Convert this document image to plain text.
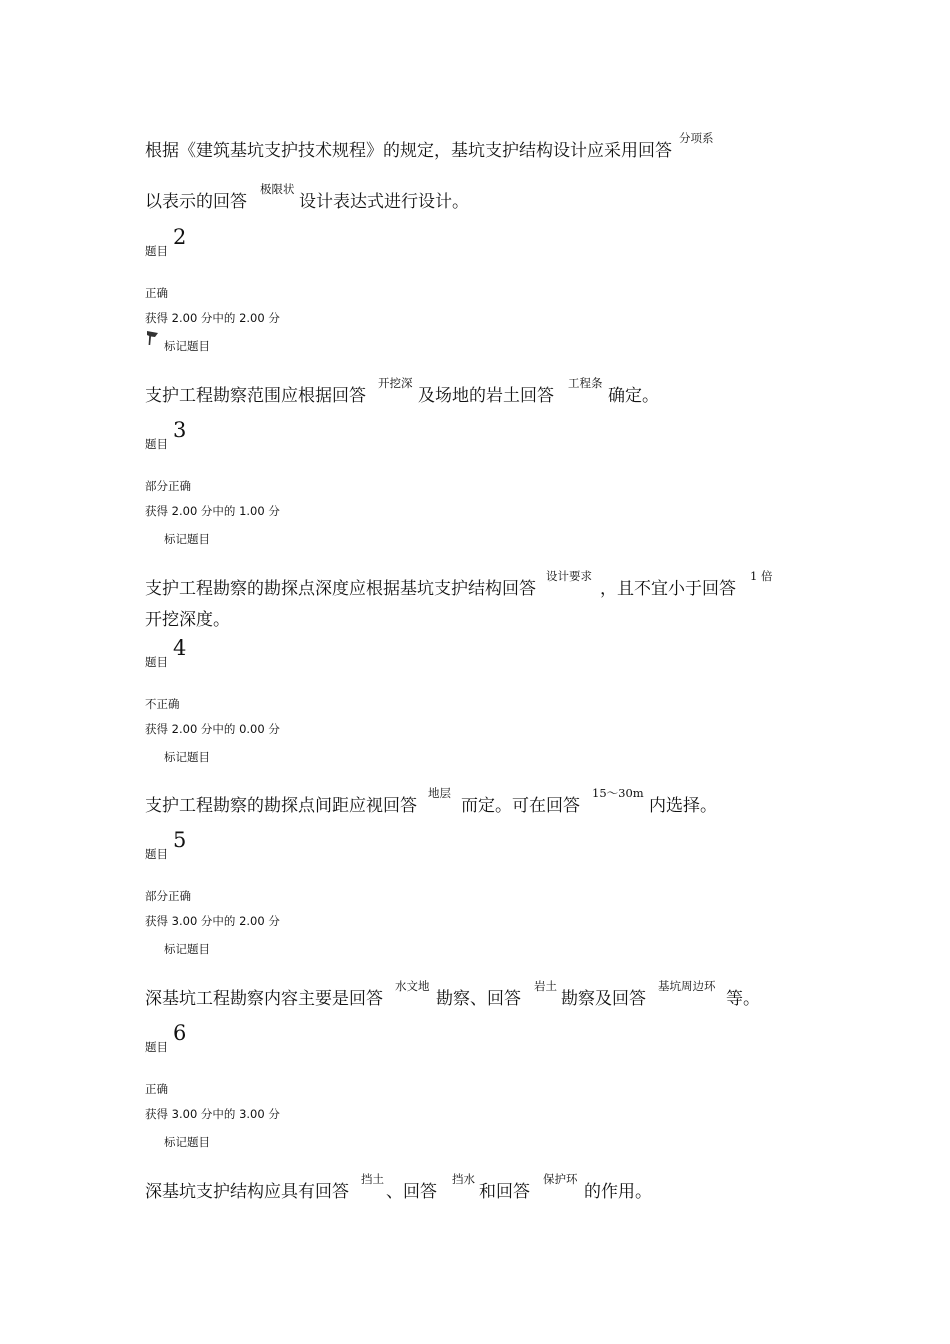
根据《建筑基坑支护技术规程》的规定，基坑支护结构设计应采用回答
分项系
以表示的回答
极限状
设计表达式进行设计。
题目
2
正确
获得 2.00 分中的 2.00 分
标记题目
支护工程勘察范围应根据回答
开挖深
及场地的岩土回答
工程条
确定。
题目
3
部分正确
获得 2.00 分中的 1.00 分
标记题目
支护工程勘察的勘探点深度应根据基坑支护结构回答
设计要求
，且不宜小于回答
1 倍
开挖深度。
题目
4
不正确
获得 2.00 分中的 0.00 分
标记题目
支护工程勘察的勘探点间距应视回答
地层
而定。可在回答
15～30m
内选择。
题目
5
部分正确
获得 3.00 分中的 2.00 分
标记题目
深基坑工程勘察内容主要是回答
水文地
勘察、回答
岩土
勘察及回答
基坑周边环
等。
题目
6
正确
获得 3.00 分中的 3.00 分
标记题目
深基坑支护结构应具有回答
挡土
、回答
挡水
和回答
保护环
的作用。
